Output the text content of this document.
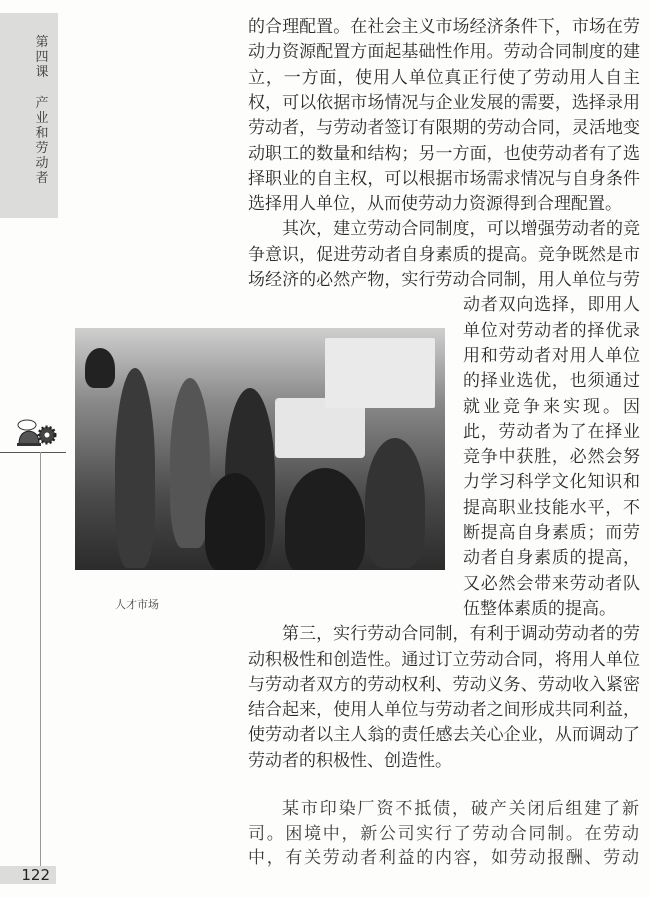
第四课
产业和劳动者
的合理配置。在社会主义市场经济条件下，市场在劳
动力资源配置方面起基础性作用。劳动合同制度的建
立，一方面，使用人单位真正行使了劳动用人自主
权，可以依据市场情况与企业发展的需要，选择录用
劳动者，与劳动者签订有限期的劳动合同，灵活地变
动职工的数量和结构；另一方面，也使劳动者有了选
择职业的自主权，可以根据市场需求情况与自身条件
选择用人单位，从而使劳动力资源得到合理配置。
其次，建立劳动合同制度，可以增强劳动者的竞
争意识，促进劳动者自身素质的提高。竞争既然是市
场经济的必然产物，实行劳动合同制，用人单位与劳
动者双向选择，即用人
单位对劳动者的择优录
用和劳动者对用人单位
的择业选优，也须通过
就业竞争来实现。因
此，劳动者为了在择业
竞争中获胜，必然会努
力学习科学文化知识和
提高职业技能水平，不
断提高自身素质；而劳
动者自身素质的提高，
又必然会带来劳动者队
伍整体素质的提高。
第三，实行劳动合同制，有利于调动劳动者的劳
动积极性和创造性。通过订立劳动合同，将用人单位
与劳动者双方的劳动权利、劳动义务、劳动收入紧密
结合起来，使用人单位与劳动者之间形成共同利益，
使劳动者以主人翁的责任感去关心企业，从而调动了
劳动者的积极性、创造性。
某市印染厂资不抵债，破产关闭后组建了新
司。困境中，新公司实行了劳动合同制。在劳动
中，有关劳动者利益的内容，如劳动报酬、劳动
人才市场
122
